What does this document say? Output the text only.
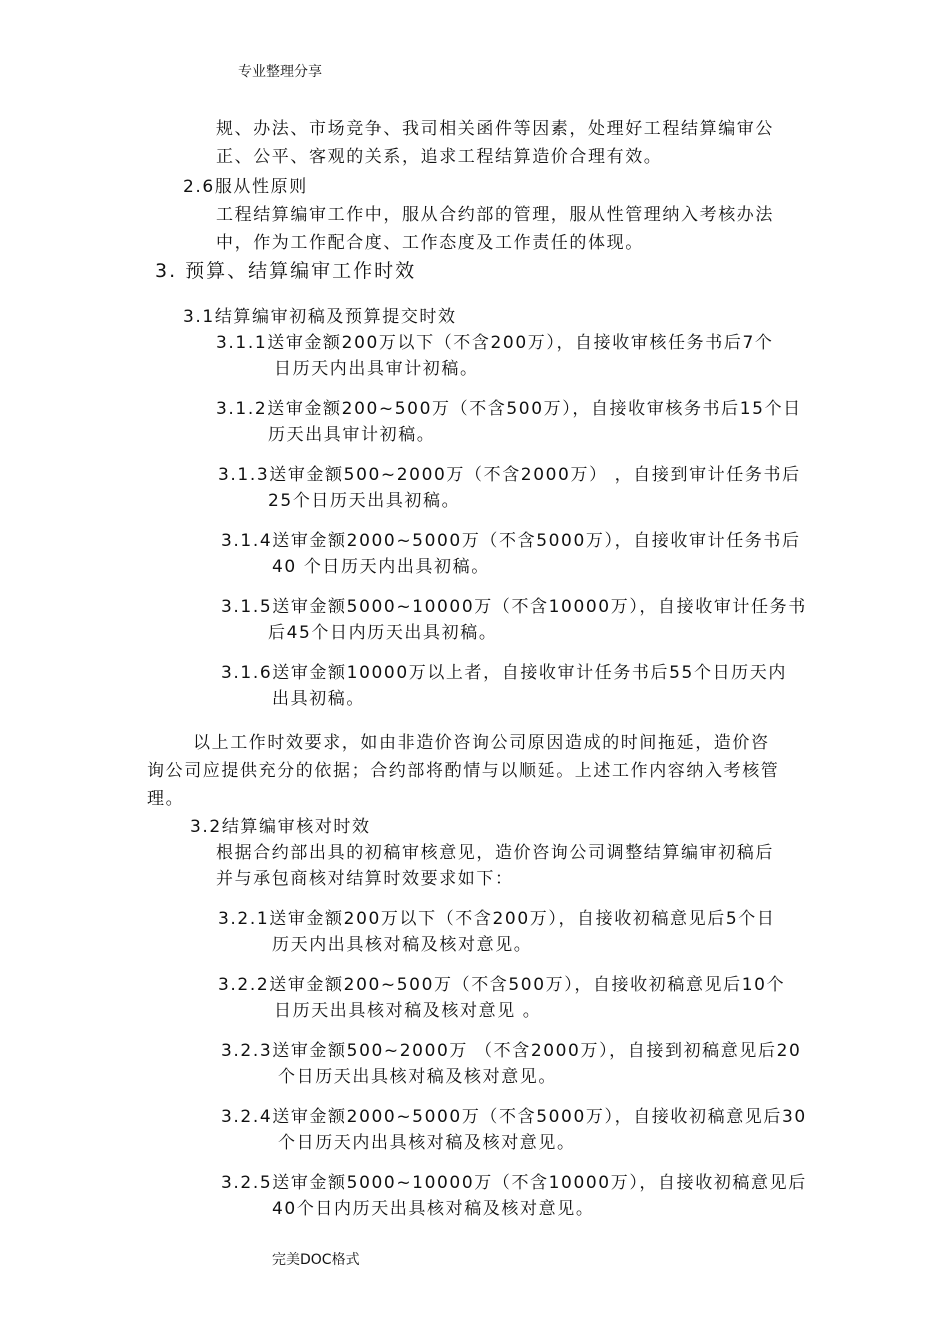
专业整理分享
规、办法、市场竞争、我司相关函件等因素，处理好工程结算编审公
正、公平、客观的关系，追求工程结算造价合理有效。
2.6服从性原则
工程结算编审工作中，服从合约部的管理，服从性管理纳入考核办法
中，作为工作配合度、工作态度及工作责任的体现。
3. 预算、结算编审工作时效
3.1结算编审初稿及预算提交时效
3.1.1送审金额200万以下（不含200万），自接收审核任务书后7个
日历天内出具审计初稿。
3.1.2送审金额200~500万（不含500万），自接收审核务书后15个日
历天出具审计初稿。
3.1.3送审金额500~2000万（不含2000万） ，自接到审计任务书后
25个日历天出具初稿。
3.1.4送审金额2000~5000万（不含5000万），自接收审计任务书后
40 个日历天内出具初稿。
3.1.5送审金额5000~10000万（不含10000万），自接收审计任务书
后45个日内历天出具初稿。
3.1.6送审金额10000万以上者，自接收审计任务书后55个日历天内
出具初稿。
以上工作时效要求，如由非造价咨询公司原因造成的时间拖延，造价咨
询公司应提供充分的依据；合约部将酌情与以顺延。上述工作内容纳入考核管
理。
3.2结算编审核对时效
根据合约部出具的初稿审核意见，造价咨询公司调整结算编审初稿后
并与承包商核对结算时效要求如下：
3.2.1送审金额200万以下（不含200万），自接收初稿意见后5个日
历天内出具核对稿及核对意见。
3.2.2送审金额200~500万（不含500万），自接收初稿意见后10个
日历天出具核对稿及核对意见 。
3.2.3送审金额500~2000万 （不含2000万），自接到初稿意见后20
个日历天出具核对稿及核对意见。
3.2.4送审金额2000~5000万（不含5000万），自接收初稿意见后30
个日历天内出具核对稿及核对意见。
3.2.5送审金额5000~10000万（不含10000万），自接收初稿意见后
40个日内历天出具核对稿及核对意见。
完美DOC格式
